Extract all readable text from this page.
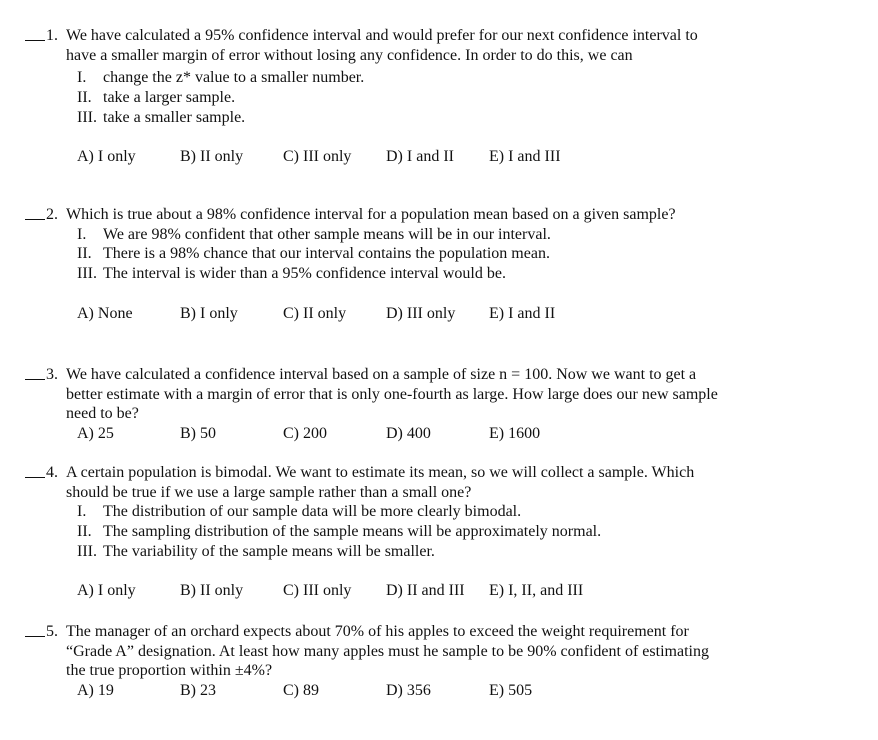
1. We have calculated a 95% confidence interval and would prefer for our next confidence interval to have a smaller margin of error without losing any confidence. In order to do this, we can
I.	change the z* value to a smaller number.
II. take a larger sample.
III. take a smaller sample.
A) I only	B) II only	C) III only	D) I and II	E) I and III
2. Which is true about a 98% confidence interval for a population mean based on a given sample?
I.	We are 98% confident that other sample means will be in our interval.
II. There is a 98% chance that our interval contains the population mean.
III. The interval is wider than a 95% confidence interval would be.
A) None	B) I only	C) II only	D) III only	E) I and II
3. We have calculated a confidence interval based on a sample of size n = 100. Now we want to get a better estimate with a margin of error that is only one-fourth as large. How large does our new sample need to be?
A) 25	B) 50	C) 200	D) 400	E) 1600
4. A certain population is bimodal. We want to estimate its mean, so we will collect a sample. Which should be true if we use a large sample rather than a small one?
I.	The distribution of our sample data will be more clearly bimodal.
II. The sampling distribution of the sample means will be approximately normal.
III. The variability of the sample means will be smaller.
A) I only	B) II only	C) III only	D) II and III	E) I, II, and III
5. The manager of an orchard expects about 70% of his apples to exceed the weight requirement for “Grade A” designation. At least how many apples must he sample to be 90% confident of estimating the true proportion within ±4%?
A) 19	B) 23	C) 89	D) 356	E) 505
